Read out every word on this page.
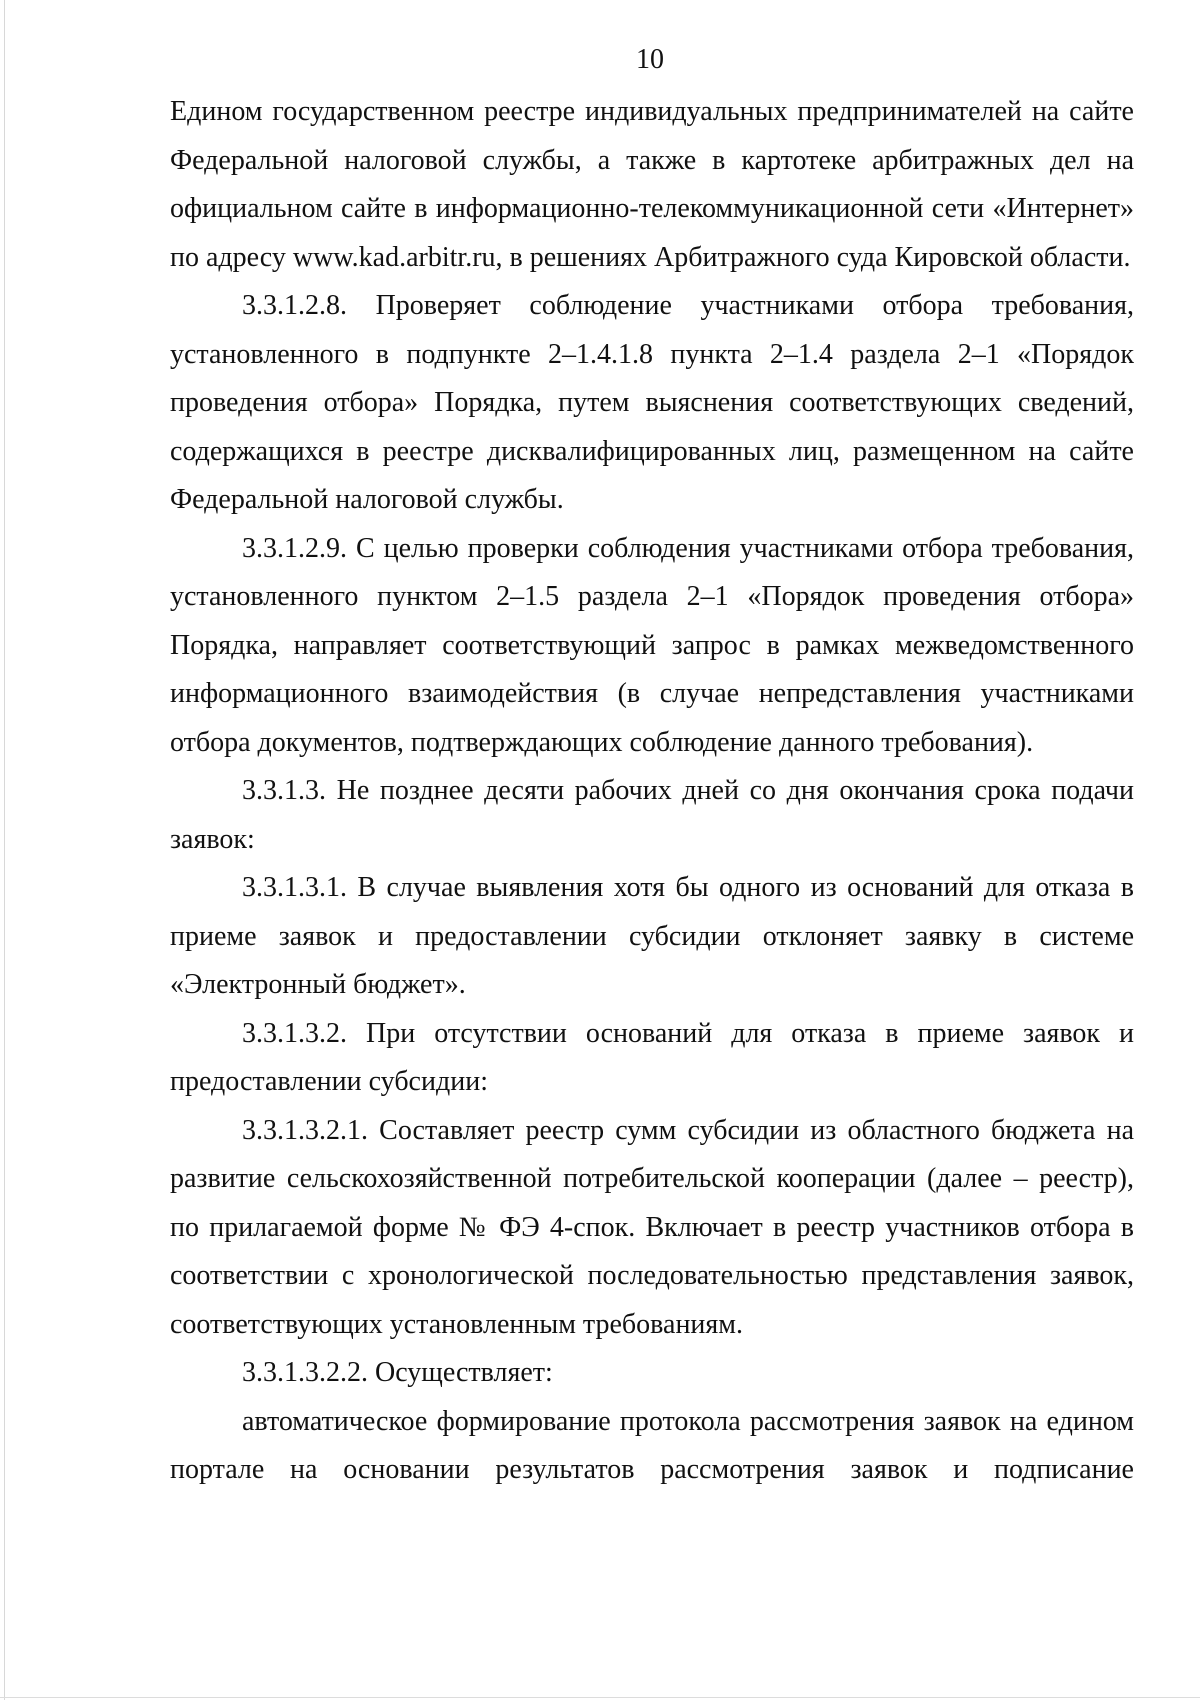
10

Едином государственном реестре индивидуальных предпринимателей на сайте Федеральной налоговой службы, а также в картотеке арбитражных дел на официальном сайте в информационно-телекоммуникационной сети «Интернет» по адресу www.kad.arbitr.ru, в решениях Арбитражного суда Кировской области.

3.3.1.2.8. Проверяет соблюдение участниками отбора требования, установленного в подпункте 2–1.4.1.8 пункта 2–1.4 раздела 2–1 «Порядок проведения отбора» Порядка, путем выяснения соответствующих сведений, содержащихся в реестре дисквалифицированных лиц, размещенном на сайте Федеральной налоговой службы.

3.3.1.2.9. С целью проверки соблюдения участниками отбора требования, установленного пунктом 2–1.5 раздела 2–1 «Порядок проведения отбора» Порядка, направляет соответствующий запрос в рамках межведомственного информационного взаимодействия (в случае непредставления участниками отбора документов, подтверждающих соблюдение данного требования).

3.3.1.3. Не позднее десяти рабочих дней со дня окончания срока подачи заявок:

3.3.1.3.1. В случае выявления хотя бы одного из оснований для отказа в приеме заявок и предоставлении субсидии отклоняет заявку в системе «Электронный бюджет».

3.3.1.3.2. При отсутствии оснований для отказа в приеме заявок и предоставлении субсидии:

3.3.1.3.2.1. Составляет реестр сумм субсидии из областного бюджета на развитие сельскохозяйственной потребительской кооперации (далее – реестр), по прилагаемой форме № ФЭ 4-спок. Включает в реестр участников отбора в соответствии с хронологической последовательностью представления заявок, соответствующих установленным требованиям.

3.3.1.3.2.2. Осуществляет:

автоматическое формирование протокола рассмотрения заявок на едином портале на основании результатов рассмотрения заявок и подписание
